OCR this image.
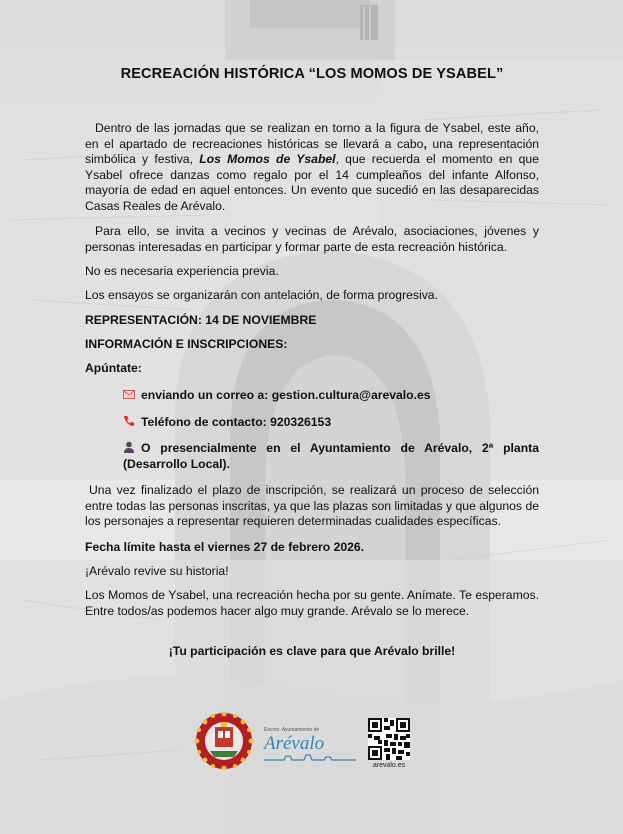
RECREACIÓN HISTÓRICA “LOS MOMOS DE YSABEL”

Dentro de las jornadas que se realizan en torno a la figura de Ysabel, este año, en el apartado de recreaciones históricas se llevará a cabo, una representación simbólica y festiva, Los Momos de Ysabel, que recuerda el momento en que Ysabel ofrece danzas como regalo por el 14 cumpleaños del infante Alfonso, mayoría de edad en aquel entonces. Un evento que sucedió en las desaparecidas Casas Reales de Arévalo.

Para ello, se invita a vecinos y vecinas de Arévalo, asociaciones, jóvenes y personas interesadas en participar y formar parte de esta recreación histórica.

No es necesaria experiencia previa.

Los ensayos se organizarán con antelación, de forma progresiva.

REPRESENTACIÓN: 14 DE NOVIEMBRE

INFORMACIÓN E INSCRIPCIONES:

Apúntate:

enviando un correo a: gestion.cultura@arevalo.es

Teléfono de contacto: 920326153

O presencialmente en el Ayuntamiento de Arévalo, 2ª planta (Desarrollo Local).

Una vez finalizado el plazo de inscripción, se realizará un proceso de selección entre todas las personas inscritas, ya que las plazas son limitadas y que algunos de los personajes a representar requieren determinadas cualidades específicas.

Fecha límite hasta el viernes 27 de febrero 2026.

¡Arévalo revive su historia!

Los Momos de Ysabel, una recreación hecha por su gente. Anímate. Te esperamos. Entre todos/as podemos hacer algo muy grande. Arévalo se lo merece.

¡Tu participación es clave para que Arévalo brille!

Excmo. Ayuntamiento de
Arévalo
arevalo.es
